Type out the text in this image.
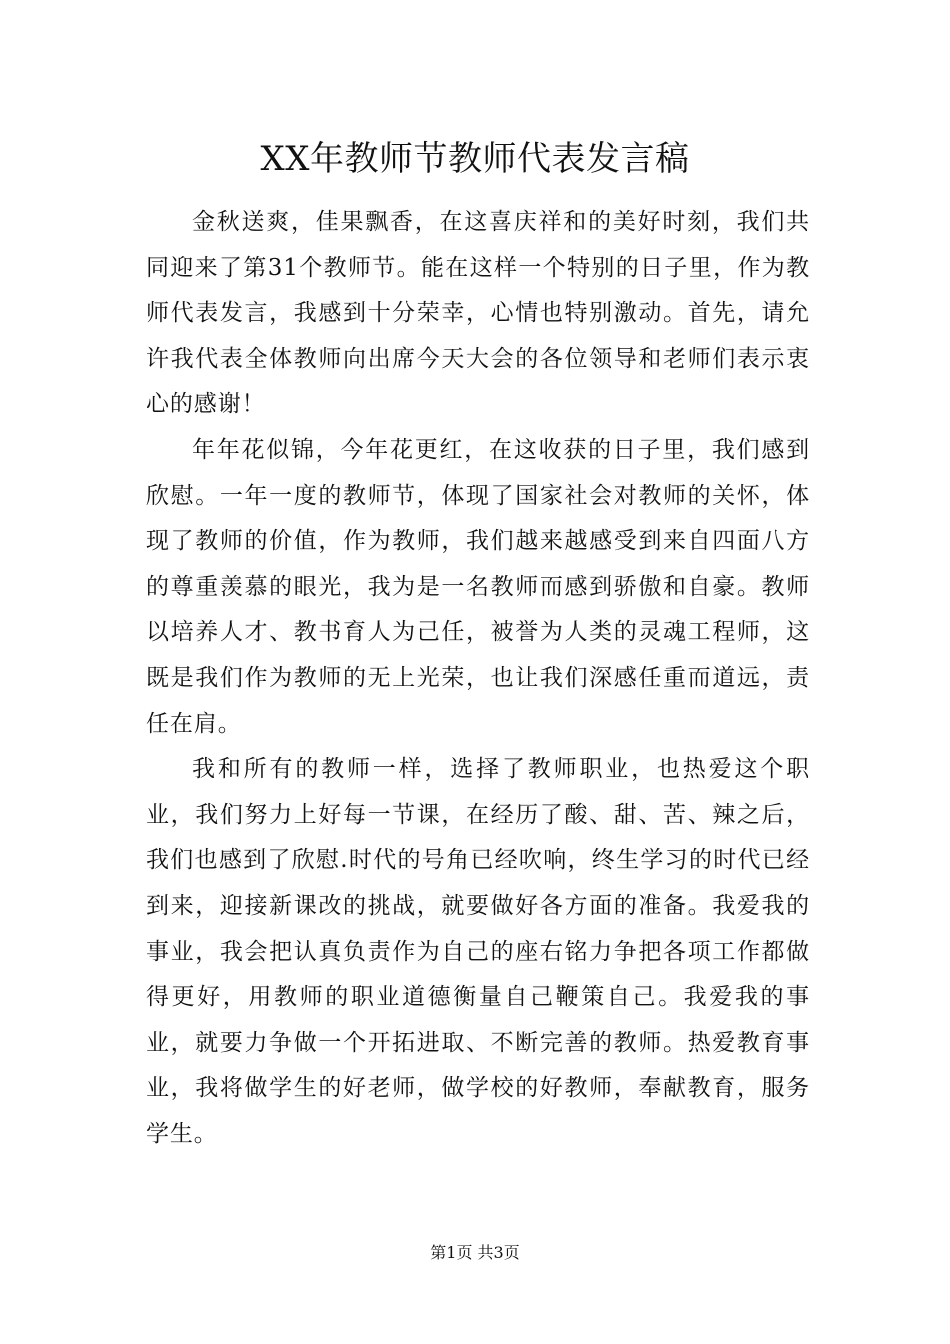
XX年教师节教师代表发言稿

金秋送爽，佳果飘香，在这喜庆祥和的美好时刻，我们共同迎来了第31个教师节。能在这样一个特别的日子里，作为教师代表发言，我感到十分荣幸，心情也特别激动。首先，请允许我代表全体教师向出席今天大会的各位领导和老师们表示衷心的感谢！

年年花似锦，今年花更红，在这收获的日子里，我们感到欣慰。一年一度的教师节，体现了国家社会对教师的关怀，体现了教师的价值，作为教师，我们越来越感受到来自四面八方的尊重羡慕的眼光，我为是一名教师而感到骄傲和自豪。教师以培养人才、教书育人为己任，被誉为人类的灵魂工程师，这既是我们作为教师的无上光荣，也让我们深感任重而道远，责任在肩。

我和所有的教师一样，选择了教师职业，也热爱这个职业，我们努力上好每一节课，在经历了酸、甜、苦、辣之后，我们也感到了欣慰.时代的号角已经吹响，终生学习的时代已经到来，迎接新课改的挑战，就要做好各方面的准备。我爱我的事业，我会把认真负责作为自己的座右铭力争把各项工作都做得更好，用教师的职业道德衡量自己鞭策自己。我爱我的事业，就要力争做一个开拓进取、不断完善的教师。热爱教育事业，我将做学生的好老师，做学校的好教师，奉献教育，服务学生。

第1页 共3页
